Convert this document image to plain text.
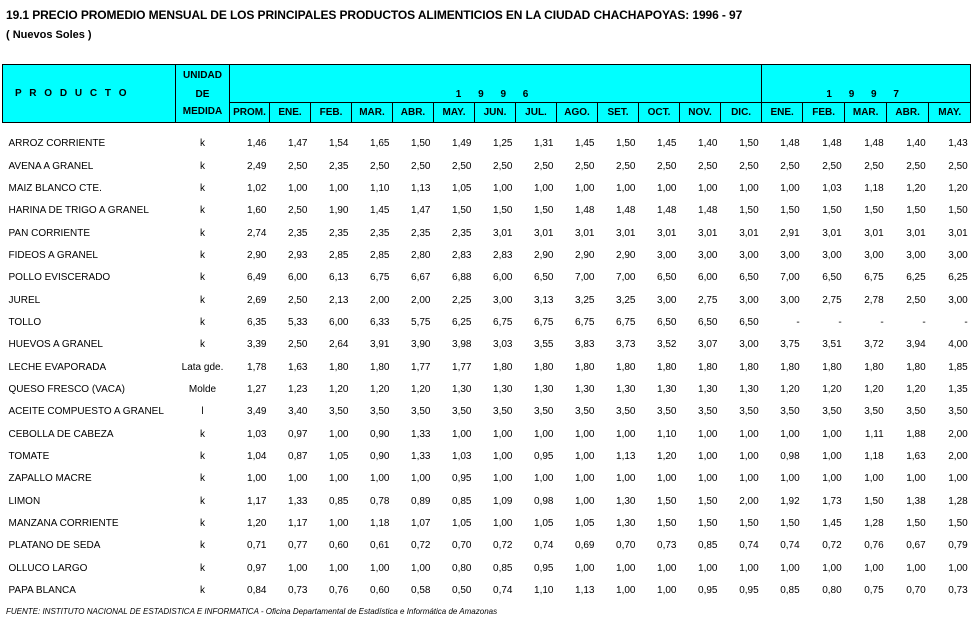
19.1 PRECIO PROMEDIO MENSUAL DE LOS PRINCIPALES PRODUCTOS ALIMENTICIOS EN LA CIUDAD CHACHAPOYAS: 1996 - 97
( Nuevos Soles )
P R O D U C T O	UNIDAD	1 9 9 6													1 9 9 7				
	DE																		
	MEDIDA	PROM.	ENE.	FEB.	MAR.	ABR.	MAY.	JUN.	JUL.	AGO.	SET.	OCT.	NOV.	DIC.	ENE.	FEB.	MAR.	ABR.	MAY.

ARROZ CORRIENTE	k	1,46	1,47	1,54	1,65	1,50	1,49	1,25	1,31	1,45	1,50	1,45	1,40	1,50	1,48	1,48	1,48	1,40	1,43
AVENA A GRANEL	k	2,49	2,50	2,35	2,50	2,50	2,50	2,50	2,50	2,50	2,50	2,50	2,50	2,50	2,50	2,50	2,50	2,50	2,50
MAIZ BLANCO CTE.	k	1,02	1,00	1,00	1,10	1,13	1,05	1,00	1,00	1,00	1,00	1,00	1,00	1,00	1,00	1,03	1,18	1,20	1,20
HARINA DE TRIGO A GRANEL	k	1,60	2,50	1,90	1,45	1,47	1,50	1,50	1,50	1,48	1,48	1,48	1,48	1,50	1,50	1,50	1,50	1,50	1,50
PAN CORRIENTE	k	2,74	2,35	2,35	2,35	2,35	2,35	3,01	3,01	3,01	3,01	3,01	3,01	3,01	2,91	3,01	3,01	3,01	3,01
FIDEOS A GRANEL	k	2,90	2,93	2,85	2,85	2,80	2,83	2,83	2,90	2,90	2,90	3,00	3,00	3,00	3,00	3,00	3,00	3,00	3,00
POLLO EVISCERADO	k	6,49	6,00	6,13	6,75	6,67	6,88	6,00	6,50	7,00	7,00	6,50	6,00	6,50	7,00	6,50	6,75	6,25	6,25
JUREL	k	2,69	2,50	2,13	2,00	2,00	2,25	3,00	3,13	3,25	3,25	3,00	2,75	3,00	3,00	2,75	2,78	2,50	3,00
TOLLO	k	6,35	5,33	6,00	6,33	5,75	6,25	6,75	6,75	6,75	6,75	6,50	6,50	6,50	-	-	-	-	-
HUEVOS A GRANEL	k	3,39	2,50	2,64	3,91	3,90	3,98	3,03	3,55	3,83	3,73	3,52	3,07	3,00	3,75	3,51	3,72	3,94	4,00
LECHE EVAPORADA	Lata gde.	1,78	1,63	1,80	1,80	1,77	1,77	1,80	1,80	1,80	1,80	1,80	1,80	1,80	1,80	1,80	1,80	1,80	1,85
QUESO FRESCO (VACA)	Molde	1,27	1,23	1,20	1,20	1,20	1,30	1,30	1,30	1,30	1,30	1,30	1,30	1,30	1,20	1,20	1,20	1,20	1,35
ACEITE COMPUESTO A GRANEL	l	3,49	3,40	3,50	3,50	3,50	3,50	3,50	3,50	3,50	3,50	3,50	3,50	3,50	3,50	3,50	3,50	3,50	3,50
CEBOLLA DE CABEZA	k	1,03	0,97	1,00	0,90	1,33	1,00	1,00	1,00	1,00	1,00	1,10	1,00	1,00	1,00	1,00	1,11	1,88	2,00
TOMATE	k	1,04	0,87	1,05	0,90	1,33	1,03	1,00	0,95	1,00	1,13	1,20	1,00	1,00	0,98	1,00	1,18	1,63	2,00
ZAPALLO MACRE	k	1,00	1,00	1,00	1,00	1,00	0,95	1,00	1,00	1,00	1,00	1,00	1,00	1,00	1,00	1,00	1,00	1,00	1,00
LIMON	k	1,17	1,33	0,85	0,78	0,89	0,85	1,09	0,98	1,00	1,30	1,50	1,50	2,00	1,92	1,73	1,50	1,38	1,28
MANZANA CORRIENTE	k	1,20	1,17	1,00	1,18	1,07	1,05	1,00	1,05	1,05	1,30	1,50	1,50	1,50	1,50	1,45	1,28	1,50	1,50
PLATANO DE SEDA	k	0,71	0,77	0,60	0,61	0,72	0,70	0,72	0,74	0,69	0,70	0,73	0,85	0,74	0,74	0,72	0,76	0,67	0,79
OLLUCO LARGO	k	0,97	1,00	1,00	1,00	1,00	0,80	0,85	0,95	1,00	1,00	1,00	1,00	1,00	1,00	1,00	1,00	1,00	1,00
PAPA BLANCA	k	0,84	0,73	0,76	0,60	0,58	0,50	0,74	1,10	1,13	1,00	1,00	0,95	0,95	0,85	0,80	0,75	0,70	0,73
FUENTE: INSTITUTO NACIONAL DE ESTADISTICA E INFORMATICA - Oficina Departamental de Estadística e Informática de Amazonas
